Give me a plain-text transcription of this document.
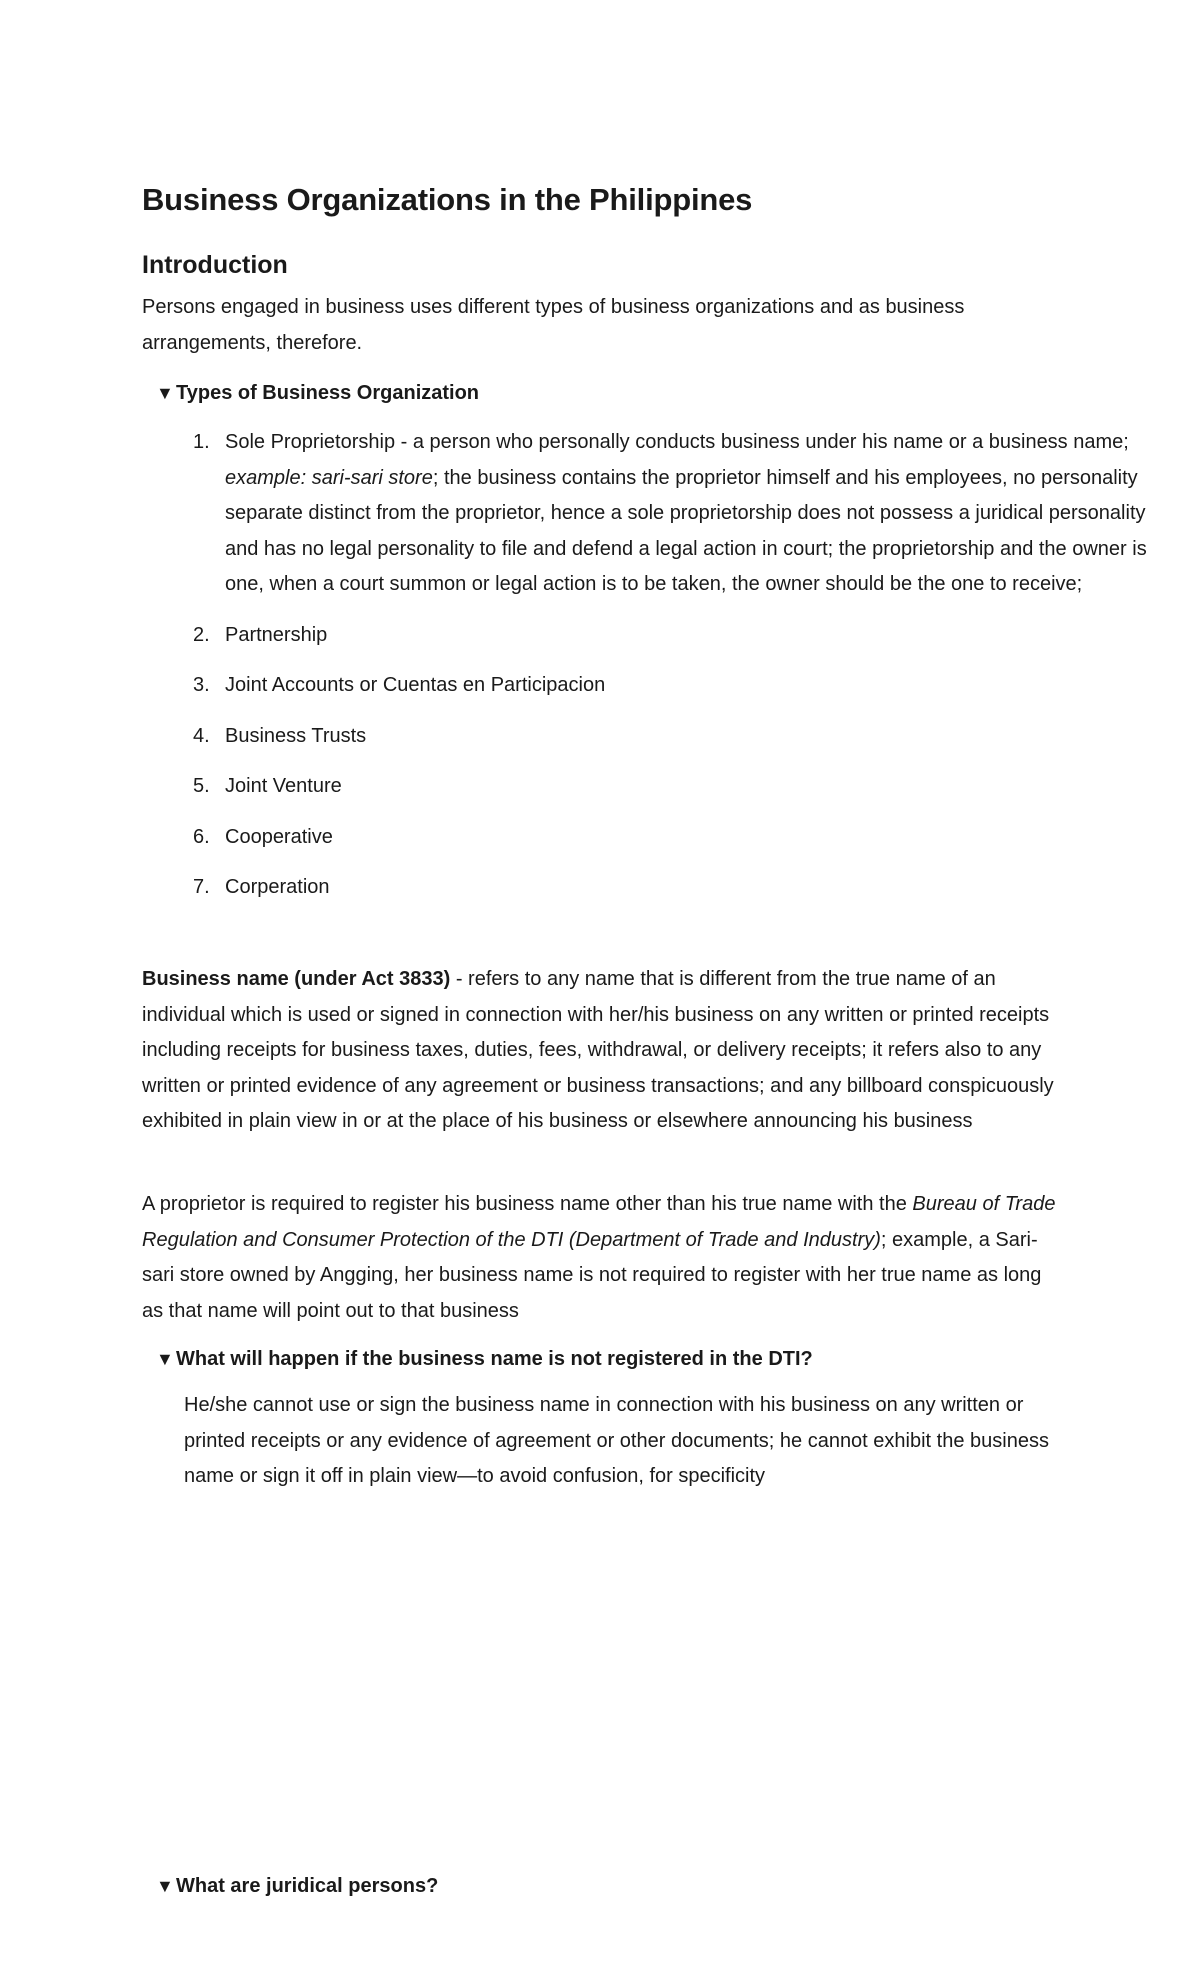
Business Organizations in the Philippines
Introduction

Persons engaged in business uses different types of business organizations and as business arrangements, therefore.

▼ Types of Business Organization
1. Sole Proprietorship - a person who personally conducts business under his name or a business name; example: sari-sari store; the business contains the proprietor himself and his employees, no personality separate distinct from the proprietor, hence a sole proprietorship does not possess a juridical personality and has no legal personality to file and defend a legal action in court; the proprietorship and the owner is one, when a court summon or legal action is to be taken, the owner should be the one to receive;
2. Partnership
3. Joint Accounts or Cuentas en Participacion
4. Business Trusts
5. Joint Venture
6. Cooperative
7. Corperation

Business name (under Act 3833) - refers to any name that is different from the true name of an individual which is used or signed in connection with her/his business on any written or printed receipts including receipts for business taxes, duties, fees, withdrawal, or delivery receipts; it refers also to any written or printed evidence of any agreement or business transactions; and any billboard conspicuously exhibited in plain view in or at the place of his business or elsewhere announcing his business

A proprietor is required to register his business name other than his true name with the Bureau of Trade Regulation and Consumer Protection of the DTI (Department of Trade and Industry); example, a Sari-sari store owned by Angging, her business name is not required to register with her true name as long as that name will point out to that business

▼ What will happen if the business name is not registered in the DTI?

He/she cannot use or sign the business name in connection with his business on any written or printed receipts or any evidence of agreement or other documents; he cannot exhibit the business name or sign it off in plain view—to avoid confusion, for specificity

▼ What are juridical persons?
